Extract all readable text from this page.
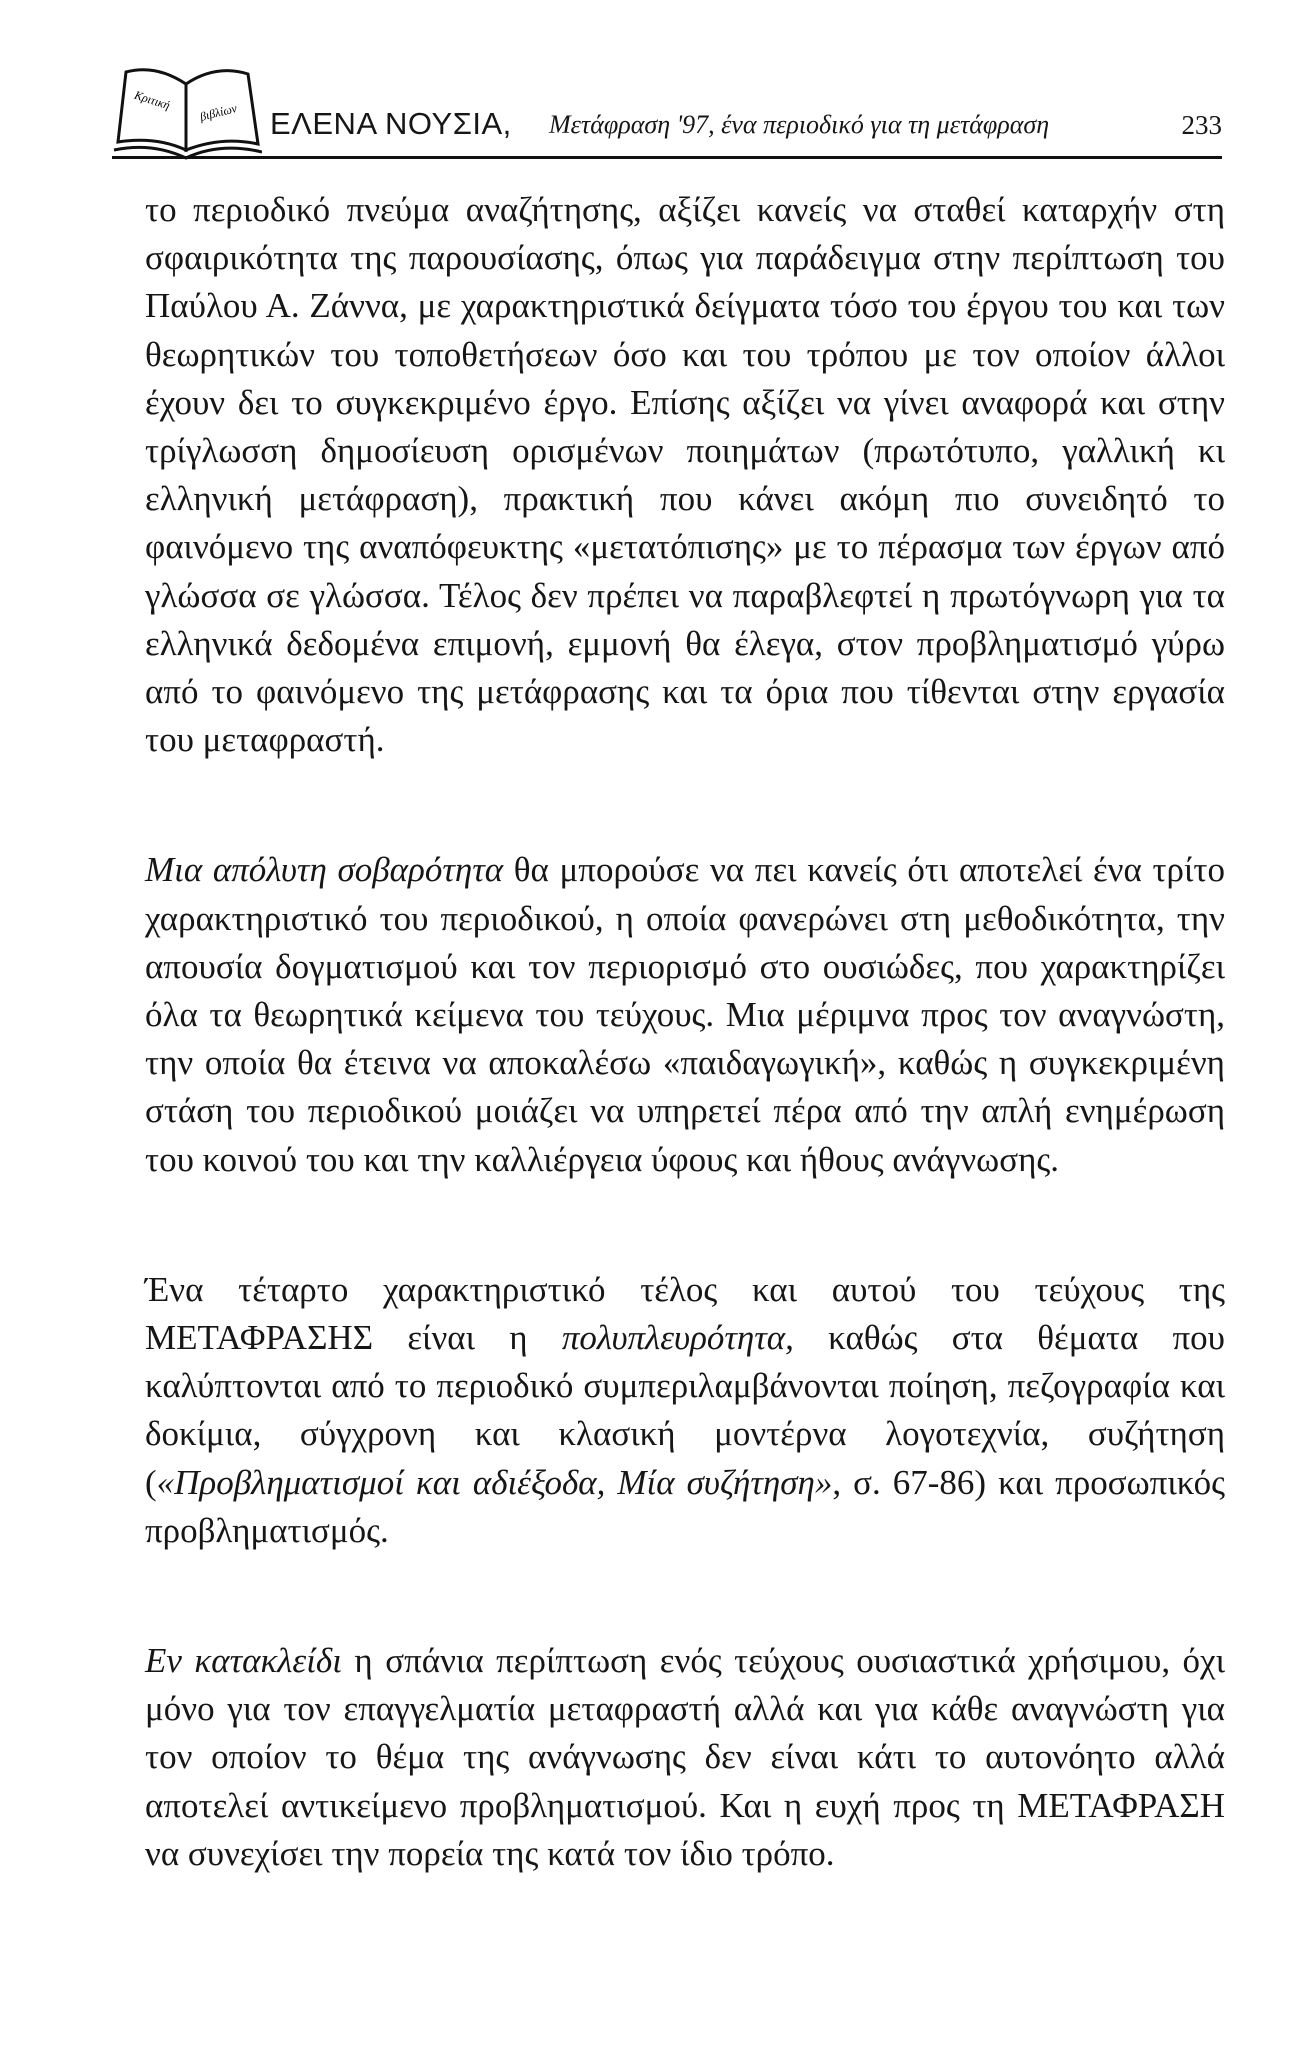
Κριτική
βιβλίων ΕΛΕΝΑ ΝΟΥΣΙΑ, Μετάφραση '97, ένα περιοδικό για τη μετάφραση	233

το περιοδικό πνεύμα αναζήτησης, αξίζει κανείς να σταθεί καταρχήν στη σφαιρικότητα της παρουσίασης, όπως για παράδειγμα στην περίπτωση του Παύλου Α. Ζάννα, με χαρακτηριστικά δείγματα τόσο του έργου του και των θεωρητικών του τοποθετήσεων όσο και του τρόπου με τον οποίον άλλοι έχουν δει το συγκεκριμένο έργο. Επίσης αξίζει να γίνει αναφορά και στην τρίγλωσση δημοσίευση ορισμένων ποιημάτων (πρωτότυπο, γαλλική κι ελληνική μετάφραση), πρακτική που κάνει ακόμη πιο συνειδητό το φαινόμενο της αναπόφευκτης «μετατόπισης» με το πέρασμα των έργων από γλώσσα σε γλώσσα. Τέλος δεν πρέπει να παραβλεφτεί η πρωτόγνωρη για τα ελληνικά δεδομένα επιμονή, εμμονή θα έλεγα, στον προβληματισμό γύρω από το φαινόμενο της μετάφρασης και τα όρια που τίθενται στην εργασία του μεταφραστή.

Μια απόλυτη σοβαρότητα θα μπορούσε να πει κανείς ότι αποτελεί ένα τρίτο χαρακτηριστικό του περιοδικού, η οποία φανερώνει στη μεθοδικότητα, την απουσία δογματισμού και τον περιορισμό στο ουσιώδες, που χαρακτηρίζει όλα τα θεωρητικά κείμενα του τεύχους. Μια μέριμνα προς τον αναγνώστη, την οποία θα έτεινα να αποκαλέσω «παιδαγωγική», καθώς η συγκεκριμένη στάση του περιοδικού μοιάζει να υπηρετεί πέρα από την απλή ενημέρωση του κοινού του και την καλλιέργεια ύφους και ήθους ανάγνωσης.

Ένα τέταρτο χαρακτηριστικό τέλος και αυτού του τεύχους της ΜΕΤΑΦΡΑΣΗΣ είναι η πολυπλευρότητα, καθώς στα θέματα που καλύπτονται από το περιοδικό συμπεριλαμβάνονται ποίηση, πεζογραφία και δοκίμια, σύγχρονη και κλασική μοντέρνα λογοτεχνία, συζήτηση («Προβληματισμοί και αδιέξοδα, Μία συζήτηση», σ. 67-86) και προσωπικός προβληματισμός.

Εν κατακλείδι η σπάνια περίπτωση ενός τεύχους ουσιαστικά χρήσιμου, όχι μόνο για τον επαγγελματία μεταφραστή αλλά και για κάθε αναγνώστη για τον οποίον το θέμα της ανάγνωσης δεν είναι κάτι το αυτονόητο αλλά αποτελεί αντικείμενο προβληματισμού. Και η ευχή προς τη ΜΕΤΑΦΡΑΣΗ να συνεχίσει την πορεία της κατά τον ίδιο τρόπο.
